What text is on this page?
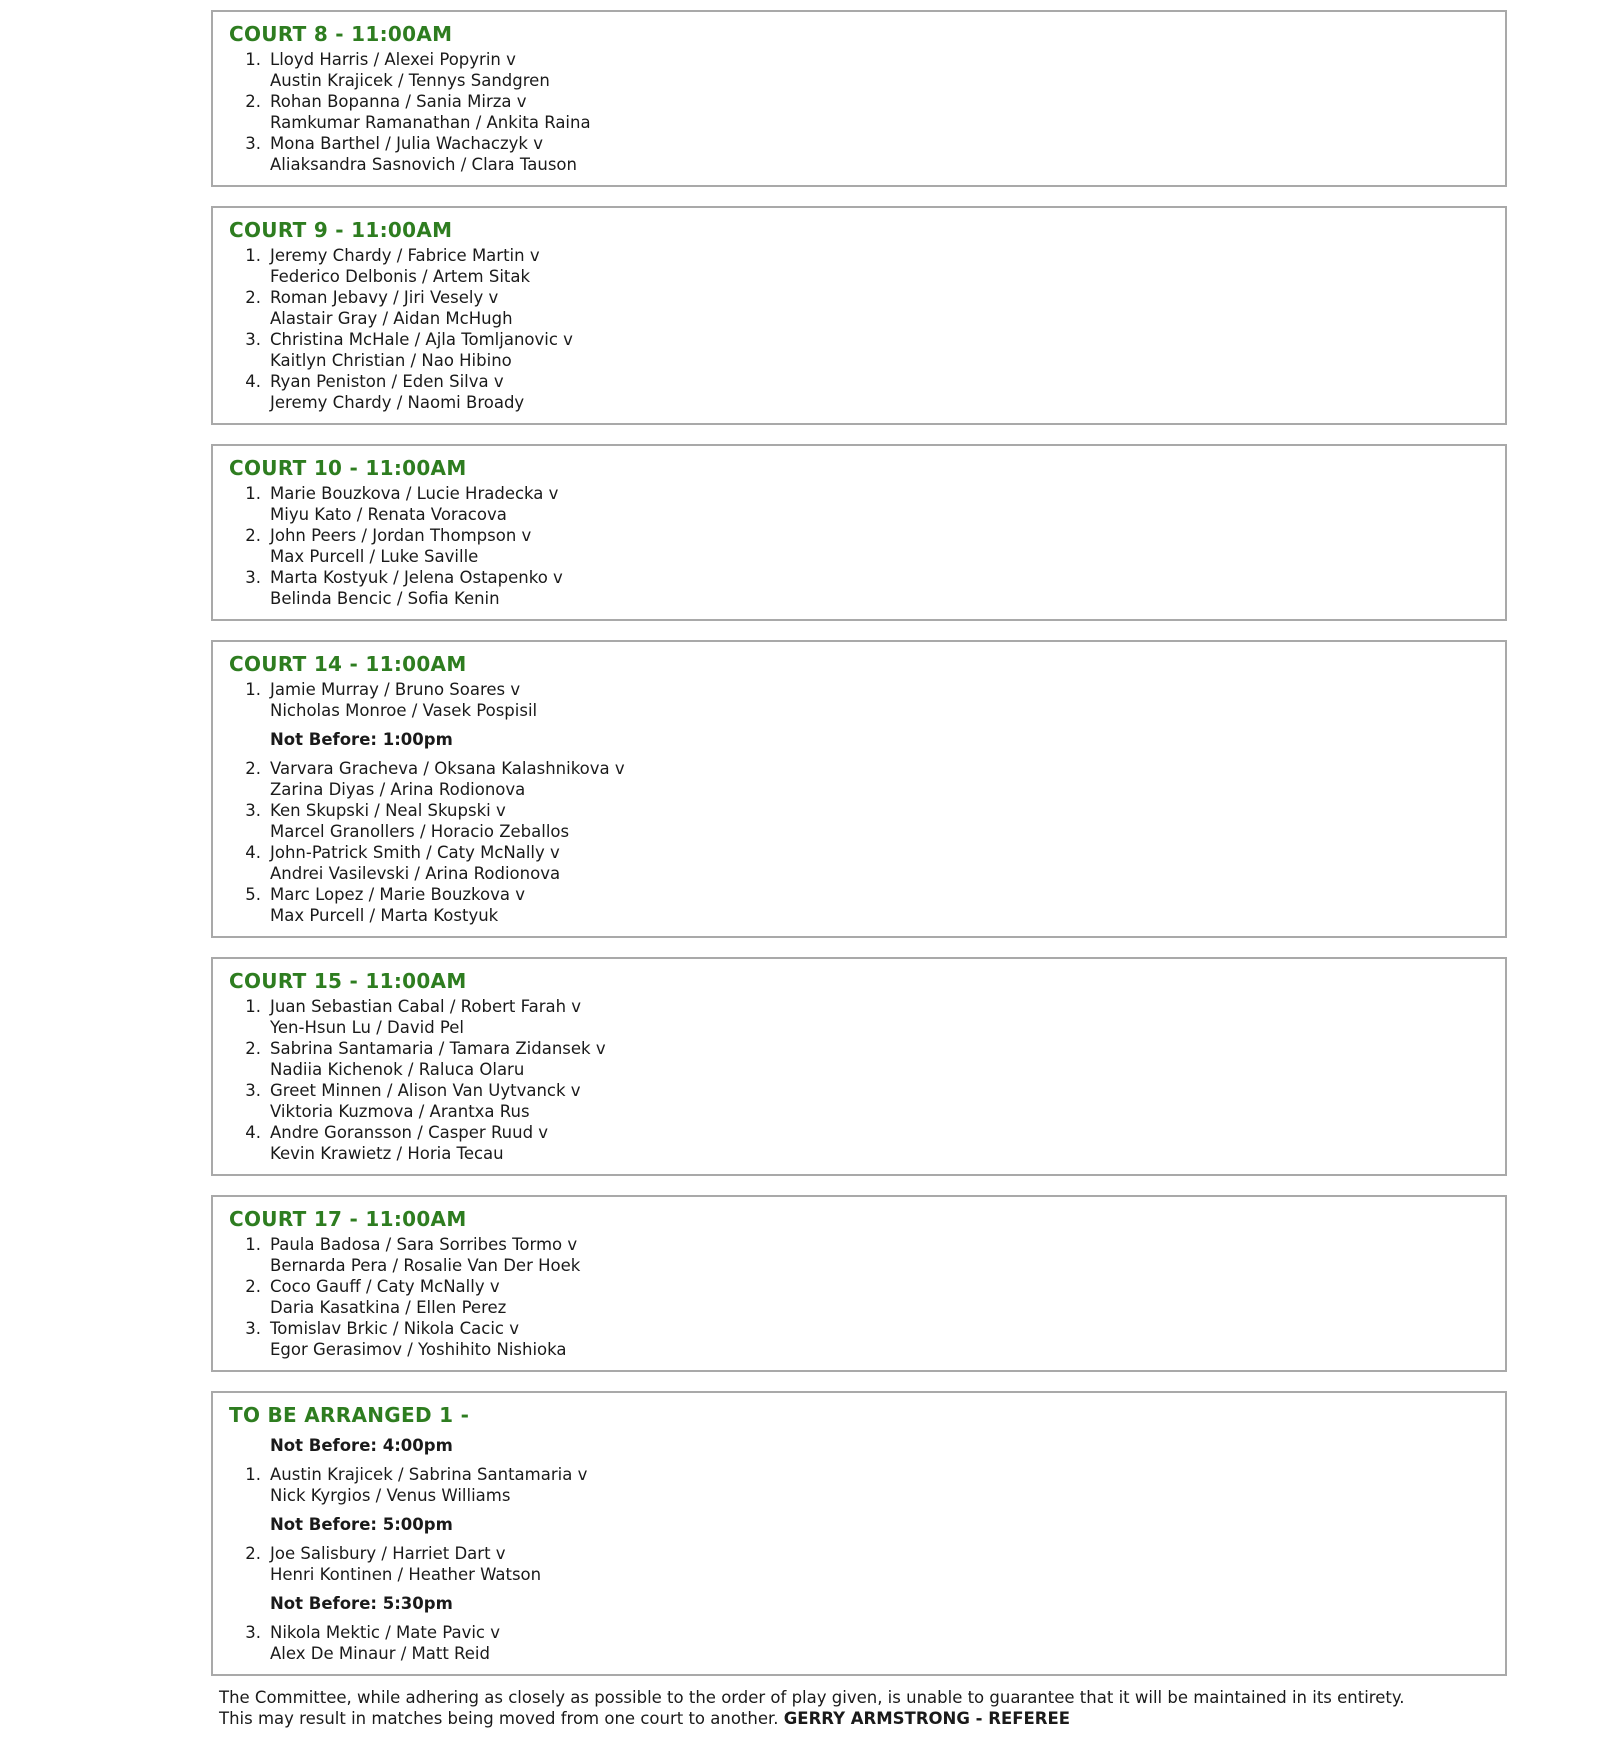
COURT 8 - 11:00AM
1. Lloyd Harris / Alexei Popyrin v
Austin Krajicek / Tennys Sandgren
2. Rohan Bopanna / Sania Mirza v
Ramkumar Ramanathan / Ankita Raina
3. Mona Barthel / Julia Wachaczyk v
Aliaksandra Sasnovich / Clara Tauson
COURT 9 - 11:00AM
1. Jeremy Chardy / Fabrice Martin v
Federico Delbonis / Artem Sitak
2. Roman Jebavy / Jiri Vesely v
Alastair Gray / Aidan McHugh
3. Christina McHale / Ajla Tomljanovic v
Kaitlyn Christian / Nao Hibino
4. Ryan Peniston / Eden Silva v
Jeremy Chardy / Naomi Broady
COURT 10 - 11:00AM
1. Marie Bouzkova / Lucie Hradecka v
Miyu Kato / Renata Voracova
2. John Peers / Jordan Thompson v
Max Purcell / Luke Saville
3. Marta Kostyuk / Jelena Ostapenko v
Belinda Bencic / Sofia Kenin
COURT 14 - 11:00AM
1. Jamie Murray / Bruno Soares v
Nicholas Monroe / Vasek Pospisil
Not Before: 1:00pm
2. Varvara Gracheva / Oksana Kalashnikova v
Zarina Diyas / Arina Rodionova
3. Ken Skupski / Neal Skupski v
Marcel Granollers / Horacio Zeballos
4. John-Patrick Smith / Caty McNally v
Andrei Vasilevski / Arina Rodionova
5. Marc Lopez / Marie Bouzkova v
Max Purcell / Marta Kostyuk
COURT 15 - 11:00AM
1. Juan Sebastian Cabal / Robert Farah v
Yen-Hsun Lu / David Pel
2. Sabrina Santamaria / Tamara Zidansek v
Nadiia Kichenok / Raluca Olaru
3. Greet Minnen / Alison Van Uytvanck v
Viktoria Kuzmova / Arantxa Rus
4. Andre Goransson / Casper Ruud v
Kevin Krawietz / Horia Tecau
COURT 17 - 11:00AM
1. Paula Badosa / Sara Sorribes Tormo v
Bernarda Pera / Rosalie Van Der Hoek
2. Coco Gauff / Caty McNally v
Daria Kasatkina / Ellen Perez
3. Tomislav Brkic / Nikola Cacic v
Egor Gerasimov / Yoshihito Nishioka
TO BE ARRANGED 1 -
Not Before: 4:00pm
1. Austin Krajicek / Sabrina Santamaria v
Nick Kyrgios / Venus Williams
Not Before: 5:00pm
2. Joe Salisbury / Harriet Dart v
Henri Kontinen / Heather Watson
Not Before: 5:30pm
3. Nikola Mektic / Mate Pavic v
Alex De Minaur / Matt Reid
The Committee, while adhering as closely as possible to the order of play given, is unable to guarantee that it will be maintained in its entirety.
This may result in matches being moved from one court to another. GERRY ARMSTRONG - REFEREE
